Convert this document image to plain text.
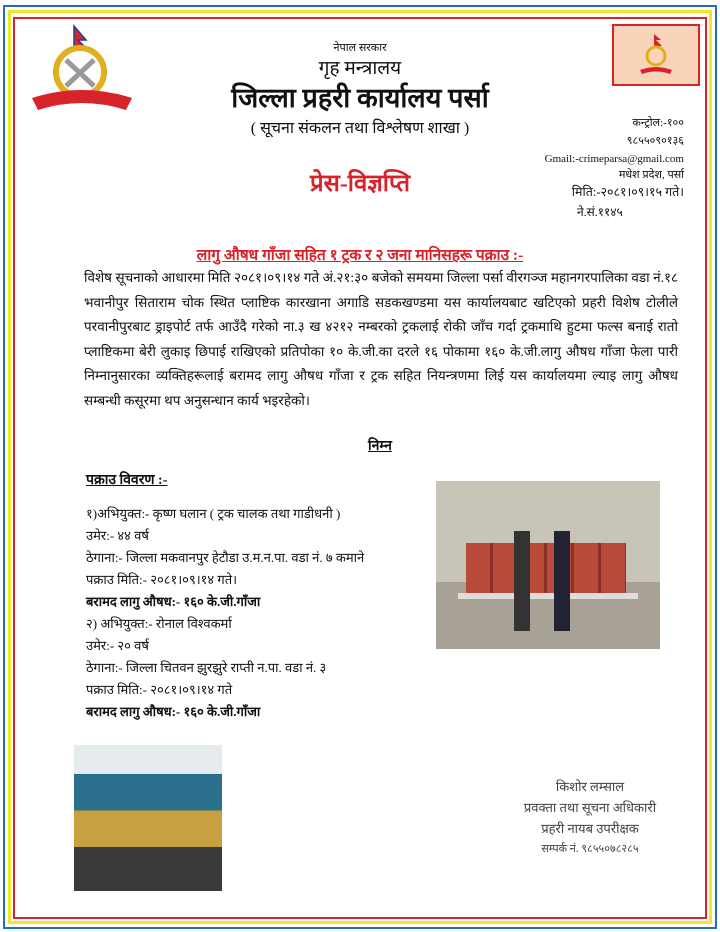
नेपाल सरकार
गृह मन्त्रालय
जिल्ला प्रहरी कार्यालय पर्सा
( सूचना संकलन तथा विश्लेषण शाखा )
प्रेस-विज्ञप्ति
कन्ट्रोल:-१००
९८५५०९०१३६
Gmail:-crimeparsa@gmail.com
मधेश प्रदेश, पर्सा
मिति:-२०८१।०९।१५ गते।
ने.सं.११४५
लागु औषध गाँजा सहित १ ट्रक र २ जना मानिसहरू पक्राउ :-
विशेष सूचनाको आधारमा मिति २०८१।०९।१४ गते अं.२१:३० बजेको समयमा जिल्ला पर्सा वीरगञ्ज महानगरपालिका वडा नं.१८ भवानीपुर सिताराम चोक स्थित प्लाष्टिक कारखाना अगाडि सडकखण्डमा यस कार्यालयबाट खटिएको प्रहरी विशेष टोलीले परवानीपुरबाट ड्राइपोर्ट तर्फ आउँदै गरेको ना.३ ख ४२१२ नम्बरको ट्रकलाई रोकी जाँच गर्दा ट्रकमाथि हुटमा फल्स बनाई रातो प्लाष्टिकमा बेरी लुकाइ छिपाई राखिएको प्रतिपोका १० के.जी.का दरले १६ पोकामा १६० के.जी.लागु औषध गाँजा फेला पारी निम्नानुसारका व्यक्तिहरूलाई बरामद लागु औषध गाँजा र ट्रक सहित नियन्त्रणमा लिई यस कार्यालयमा ल्याइ लागु औषध सम्बन्धी कसूरमा थप अनुसन्धान कार्य भइरहेको।
निम्न
पक्राउ विवरण :-
१)अभियुक्त:- कृष्ण घलान ( ट्रक चालक तथा गाडीधनी )
उमेर:- ४४ वर्ष
ठेगाना:- जिल्ला मकवानपुर हेटौडा उ.म.न.पा. वडा नं. ७ कमाने
पक्राउ मिति:- २०८१।०९।१४ गते।
बरामद लागु औषध:- १६० के.जी.गाँजा
२) अभियुक्त:- रोनाल विश्वकर्मा
उमेर:- २० वर्ष
ठेगाना:- जिल्ला चितवन झुरझुरे राप्ती न.पा. वडा नं. ३
पक्राउ मिति:- २०८१।०९।१४ गते
बरामद लागु औषध:- १६० के.जी.गाँजा
किशोर लम्साल
प्रवक्ता तथा सूचना अधिकारी
प्रहरी नायब उपरीक्षक
सम्पर्क नं. ९८५५०७८२८५
